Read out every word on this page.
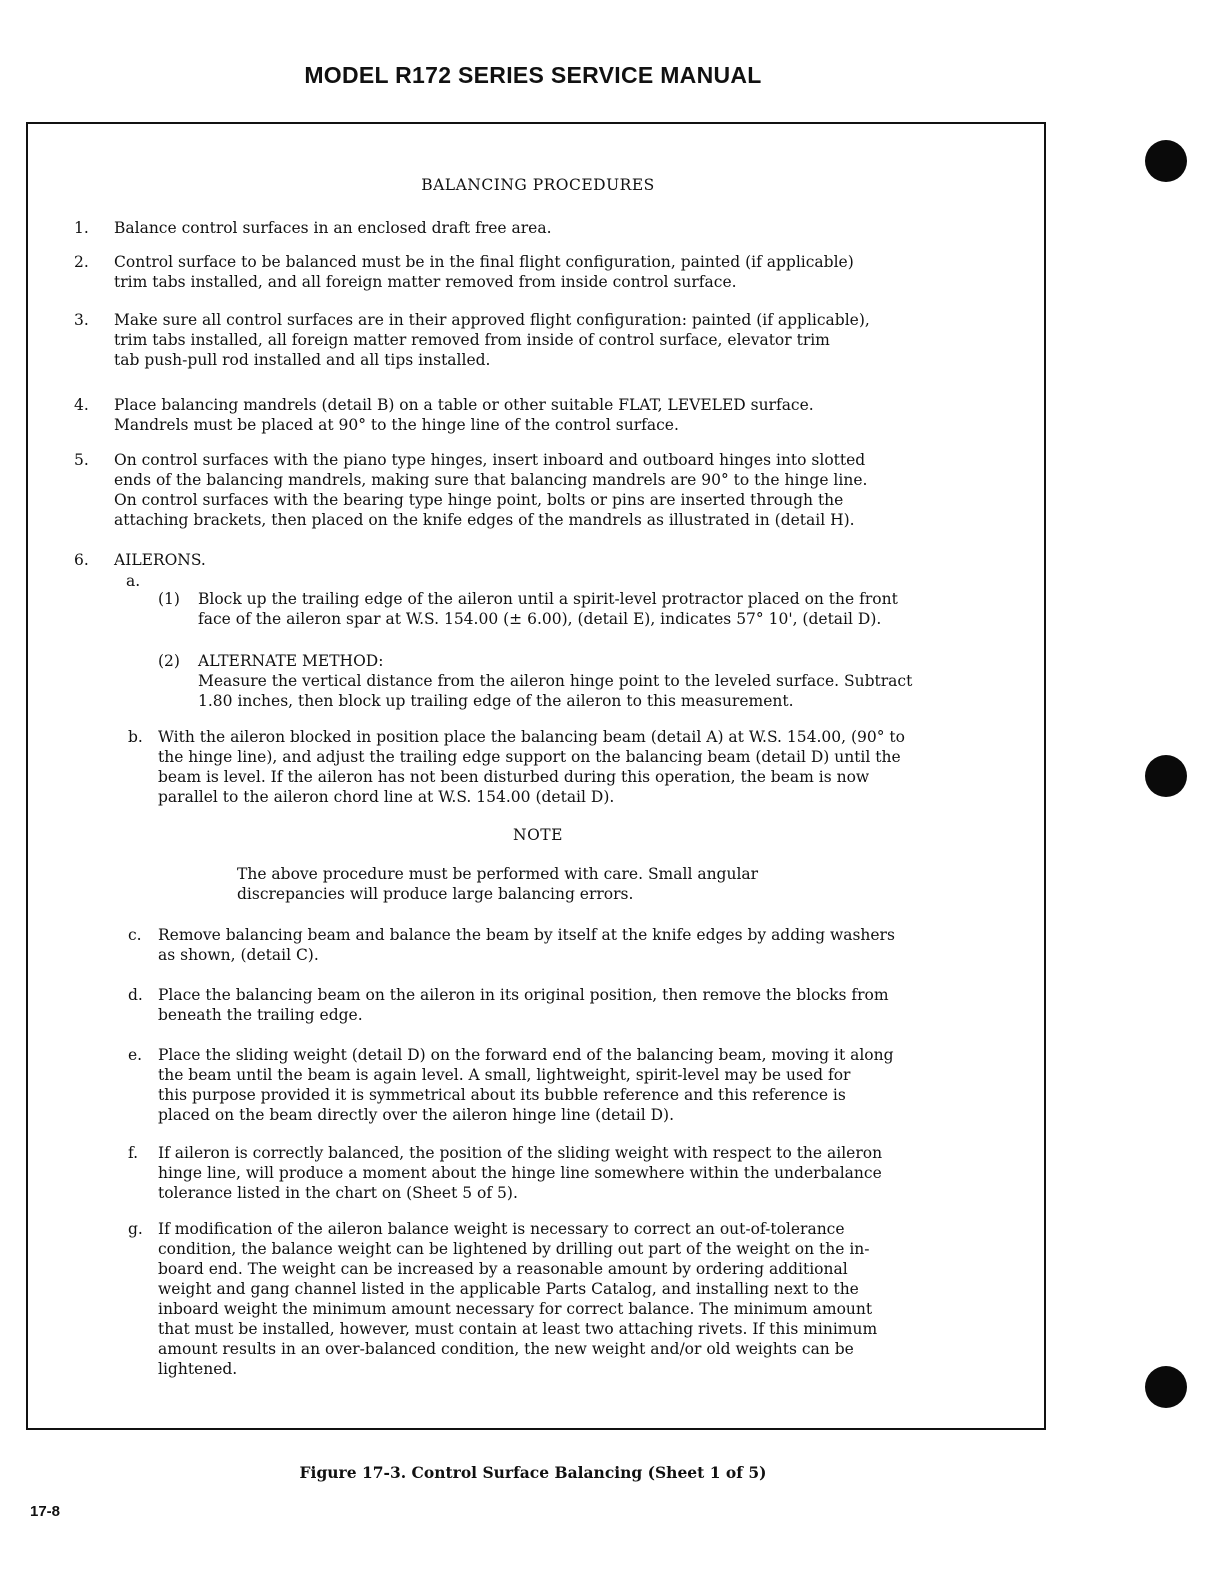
MODEL R172 SERIES SERVICE MANUAL
BALANCING PROCEDURES
1.	Balance control surfaces in an enclosed draft free area.
2.	Control surface to be balanced must be in the final flight configuration, painted (if applicable)
trim tabs installed, and all foreign matter removed from inside control surface.
3.	Make sure all control surfaces are in their approved flight configuration: painted (if applicable),
trim tabs installed, all foreign matter removed from inside of control surface, elevator trim
tab push-pull rod installed and all tips installed.
4.	Place balancing mandrels (detail B) on a table or other suitable FLAT, LEVELED surface.
Mandrels must be placed at 90° to the hinge line of the control surface.
5.	On control surfaces with the piano type hinges, insert inboard and outboard hinges into slotted
ends of the balancing mandrels, making sure that balancing mandrels are 90° to the hinge line.
On control surfaces with the bearing type hinge point, bolts or pins are inserted through the
attaching brackets, then placed on the knife edges of the mandrels as illustrated in (detail H).
6.	AILERONS.
a.
(1)	Block up the trailing edge of the aileron until a spirit-level protractor placed on the front
face of the aileron spar at W.S. 154.00 (± 6.00), (detail E), indicates 57° 10', (detail D).
(2)	ALTERNATE METHOD:
Measure the vertical distance from the aileron hinge point to the leveled surface. Subtract
1.80 inches, then block up trailing edge of the aileron to this measurement.
b. With the aileron blocked in position place the balancing beam (detail A) at W.S. 154.00, (90° to
the hinge line), and adjust the trailing edge support on the balancing beam (detail D) until the
beam is level. If the aileron has not been disturbed during this operation, the beam is now
parallel to the aileron chord line at W.S. 154.00 (detail D).
NOTE
The above procedure must be performed with care. Small angular
discrepancies will produce large balancing errors.
c.	Remove balancing beam and balance the beam by itself at the knife edges by adding washers
as shown, (detail C).
d. Place the balancing beam on the aileron in its original position, then remove the blocks from
beneath the trailing edge.
e.	Place the sliding weight (detail D) on the forward end of the balancing beam, moving it along
the beam until the beam is again level. A small, lightweight, spirit-level may be used for
this purpose provided it is symmetrical about its bubble reference and this reference is
placed on the beam directly over the aileron hinge line (detail D).
f.	If aileron is correctly balanced, the position of the sliding weight with respect to the aileron
hinge line, will produce a moment about the hinge line somewhere within the underbalance
tolerance listed in the chart on (Sheet 5 of 5).
g. If modification of the aileron balance weight is necessary to correct an out-of-tolerance
condition, the balance weight can be lightened by drilling out part of the weight on the in-
board end. The weight can be increased by a reasonable amount by ordering additional
weight and gang channel listed in the applicable Parts Catalog, and installing next to the
inboard weight the minimum amount necessary for correct balance. The minimum amount
that must be installed, however, must contain at least two attaching rivets. If this minimum
amount results in an over-balanced condition, the new weight and/or old weights can be
lightened.
Figure 17-3. Control Surface Balancing (Sheet 1 of 5)
17-8
